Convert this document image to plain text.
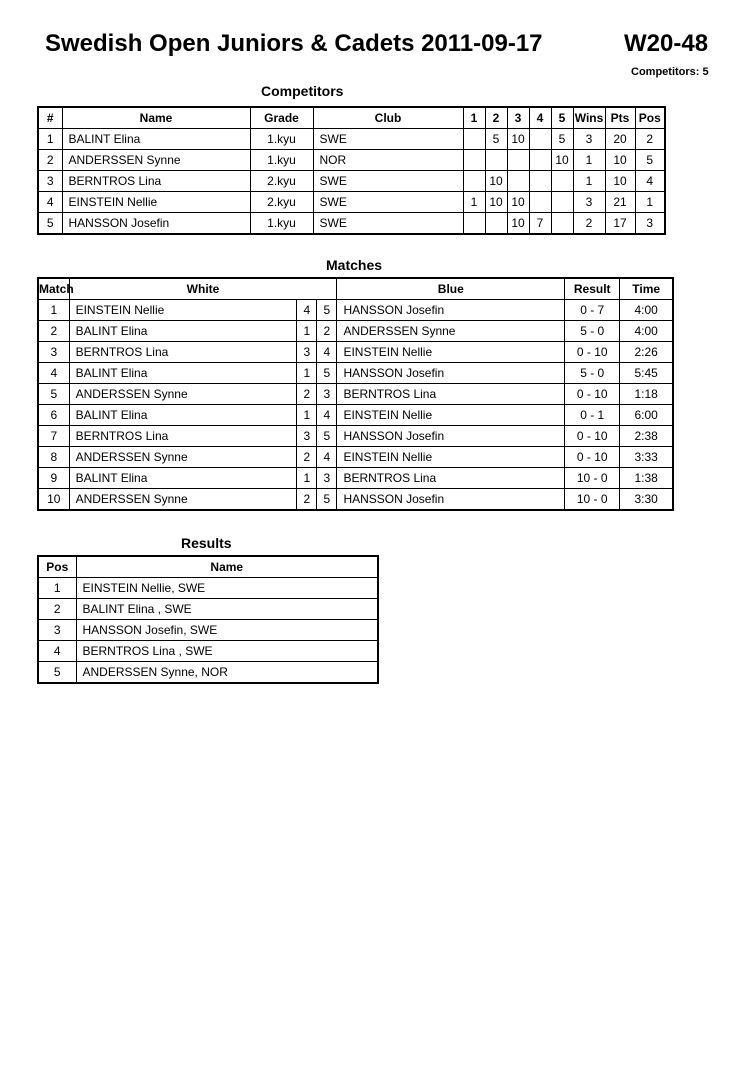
Swedish Open Juniors & Cadets 2011-09-17	W20-48
Competitors: 5
Competitors
#	Name	Grade	Club	1	2	3	4	5	Wins	Pts	Pos
1	BALINT Elina	1.kyu	SWE		5	10		5	3	20	2
2	ANDERSSEN Synne	1.kyu	NOR					10	1	10	5
3	BERNTROS Lina	2.kyu	SWE		10				1	10	4
4	EINSTEIN Nellie	2.kyu	SWE	1	10	10			3	21	1
5	HANSSON Josefin	1.kyu	SWE			10	7		2	17	3
Matches
Match	White			Blue	Result	Time
1	EINSTEIN Nellie	4	5	HANSSON Josefin	0 - 7	4:00
2	BALINT Elina	1	2	ANDERSSEN Synne	5 - 0	4:00
3	BERNTROS Lina	3	4	EINSTEIN Nellie	0 - 10	2:26
4	BALINT Elina	1	5	HANSSON Josefin	5 - 0	5:45
5	ANDERSSEN Synne	2	3	BERNTROS Lina	0 - 10	1:18
6	BALINT Elina	1	4	EINSTEIN Nellie	0 - 1	6:00
7	BERNTROS Lina	3	5	HANSSON Josefin	0 - 10	2:38
8	ANDERSSEN Synne	2	4	EINSTEIN Nellie	0 - 10	3:33
9	BALINT Elina	1	3	BERNTROS Lina	10 - 0	1:38
10	ANDERSSEN Synne	2	5	HANSSON Josefin	10 - 0	3:30
Results
Pos	Name
1	EINSTEIN Nellie, SWE
2	BALINT Elina , SWE
3	HANSSON Josefin, SWE
4	BERNTROS Lina , SWE
5	ANDERSSEN Synne, NOR
